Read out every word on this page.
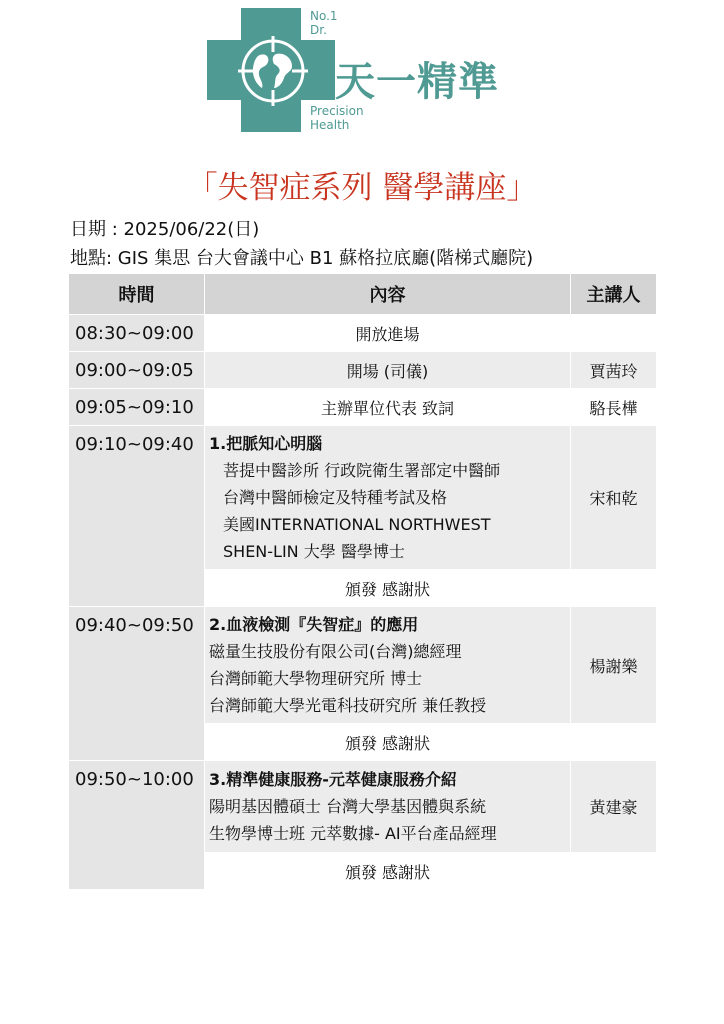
No.1
Dr.
Precision
Health
天一精準
「失智症系列 醫學講座」
日期 : 2025/06/22(日)
地點: GIS 集思 台大會議中心 B1 蘇格拉底廳(階梯式廳院)
時間	內容	主講人
08:30~09:00	開放進場	
09:00~09:05	開場 (司儀)	賈茜玲
09:05~09:10	主辦單位代表 致詞	駱長樺
09:10~09:40	1.把脈知心明腦
菩提中醫診所 行政院衛生署部定中醫師
台灣中醫師檢定及特種考試及格
美國INTERNATIONAL NORTHWEST
SHEN-LIN 大學 醫學博士	宋和乾
	頒發 感謝狀	
09:40~09:50	2.血液檢測『失智症』的應用
磁量生技股份有限公司(台灣)總經理
台灣師範大學物理研究所 博士
台灣師範大學光電科技研究所 兼任教授	楊謝樂
	頒發 感謝狀	
09:50~10:00	3.精準健康服務-元萃健康服務介紹
陽明基因體碩士 台灣大學基因體與系統
生物學博士班 元萃數據- AI平台產品經理	黃建豪
	頒發 感謝狀	
